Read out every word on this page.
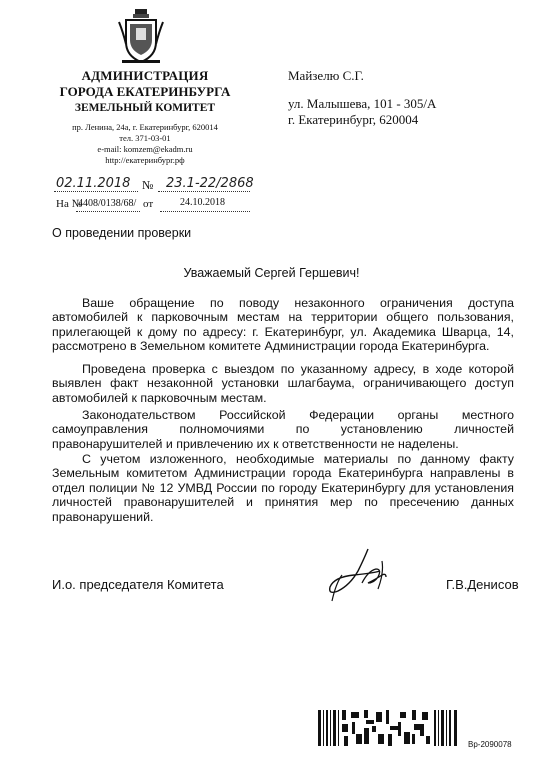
АДМИНИСТРАЦИЯ
ГОРОДА ЕКАТЕРИНБУРГА
ЗЕМЕЛЬНЫЙ КОМИТЕТ
пр. Ленина, 24а, г. Екатеринбург, 620014
тел. 371-03-01
e-mail: komzem@ekadm.ru
http://екатеринбург.рф
Майзелю С.Г.
ул. Малышева, 101 - 305/А
г. Екатеринбург, 620004
02.11.2018 № 23.1-22/2868
На №
4408/0138/68/ от	24.10.2018
О проведении проверки
Уважаемый Сергей Гершевич!
Ваше обращение по поводу незаконного ограничения доступа автомобилей к парковочным местам на территории общего пользования, прилегающей к дому по адресу: г. Екатеринбург, ул. Академика Шварца, 14, рассмотрено в Земельном комитете Администрации города Екатеринбурга.
Проведена проверка с выездом по указанному адресу, в ходе которой выявлен факт незаконной установки шлагбаума, ограничивающего доступ автомобилей к парковочным местам.
Законодательством Российской Федерации органы местного самоуправления полномочиями по установлению личностей правонарушителей и привлечению их к ответственности не наделены.
С учетом изложенного, необходимые материалы по данному факту Земельным комитетом Администрации города Екатеринбурга направлены в отдел полиции № 12 УМВД России по городу Екатеринбургу для установления личностей правонарушителей и принятия мер по пресечению данных правонарушений.
И.о. председателя Комитета	Г.В.Денисов
Вр-2090078
